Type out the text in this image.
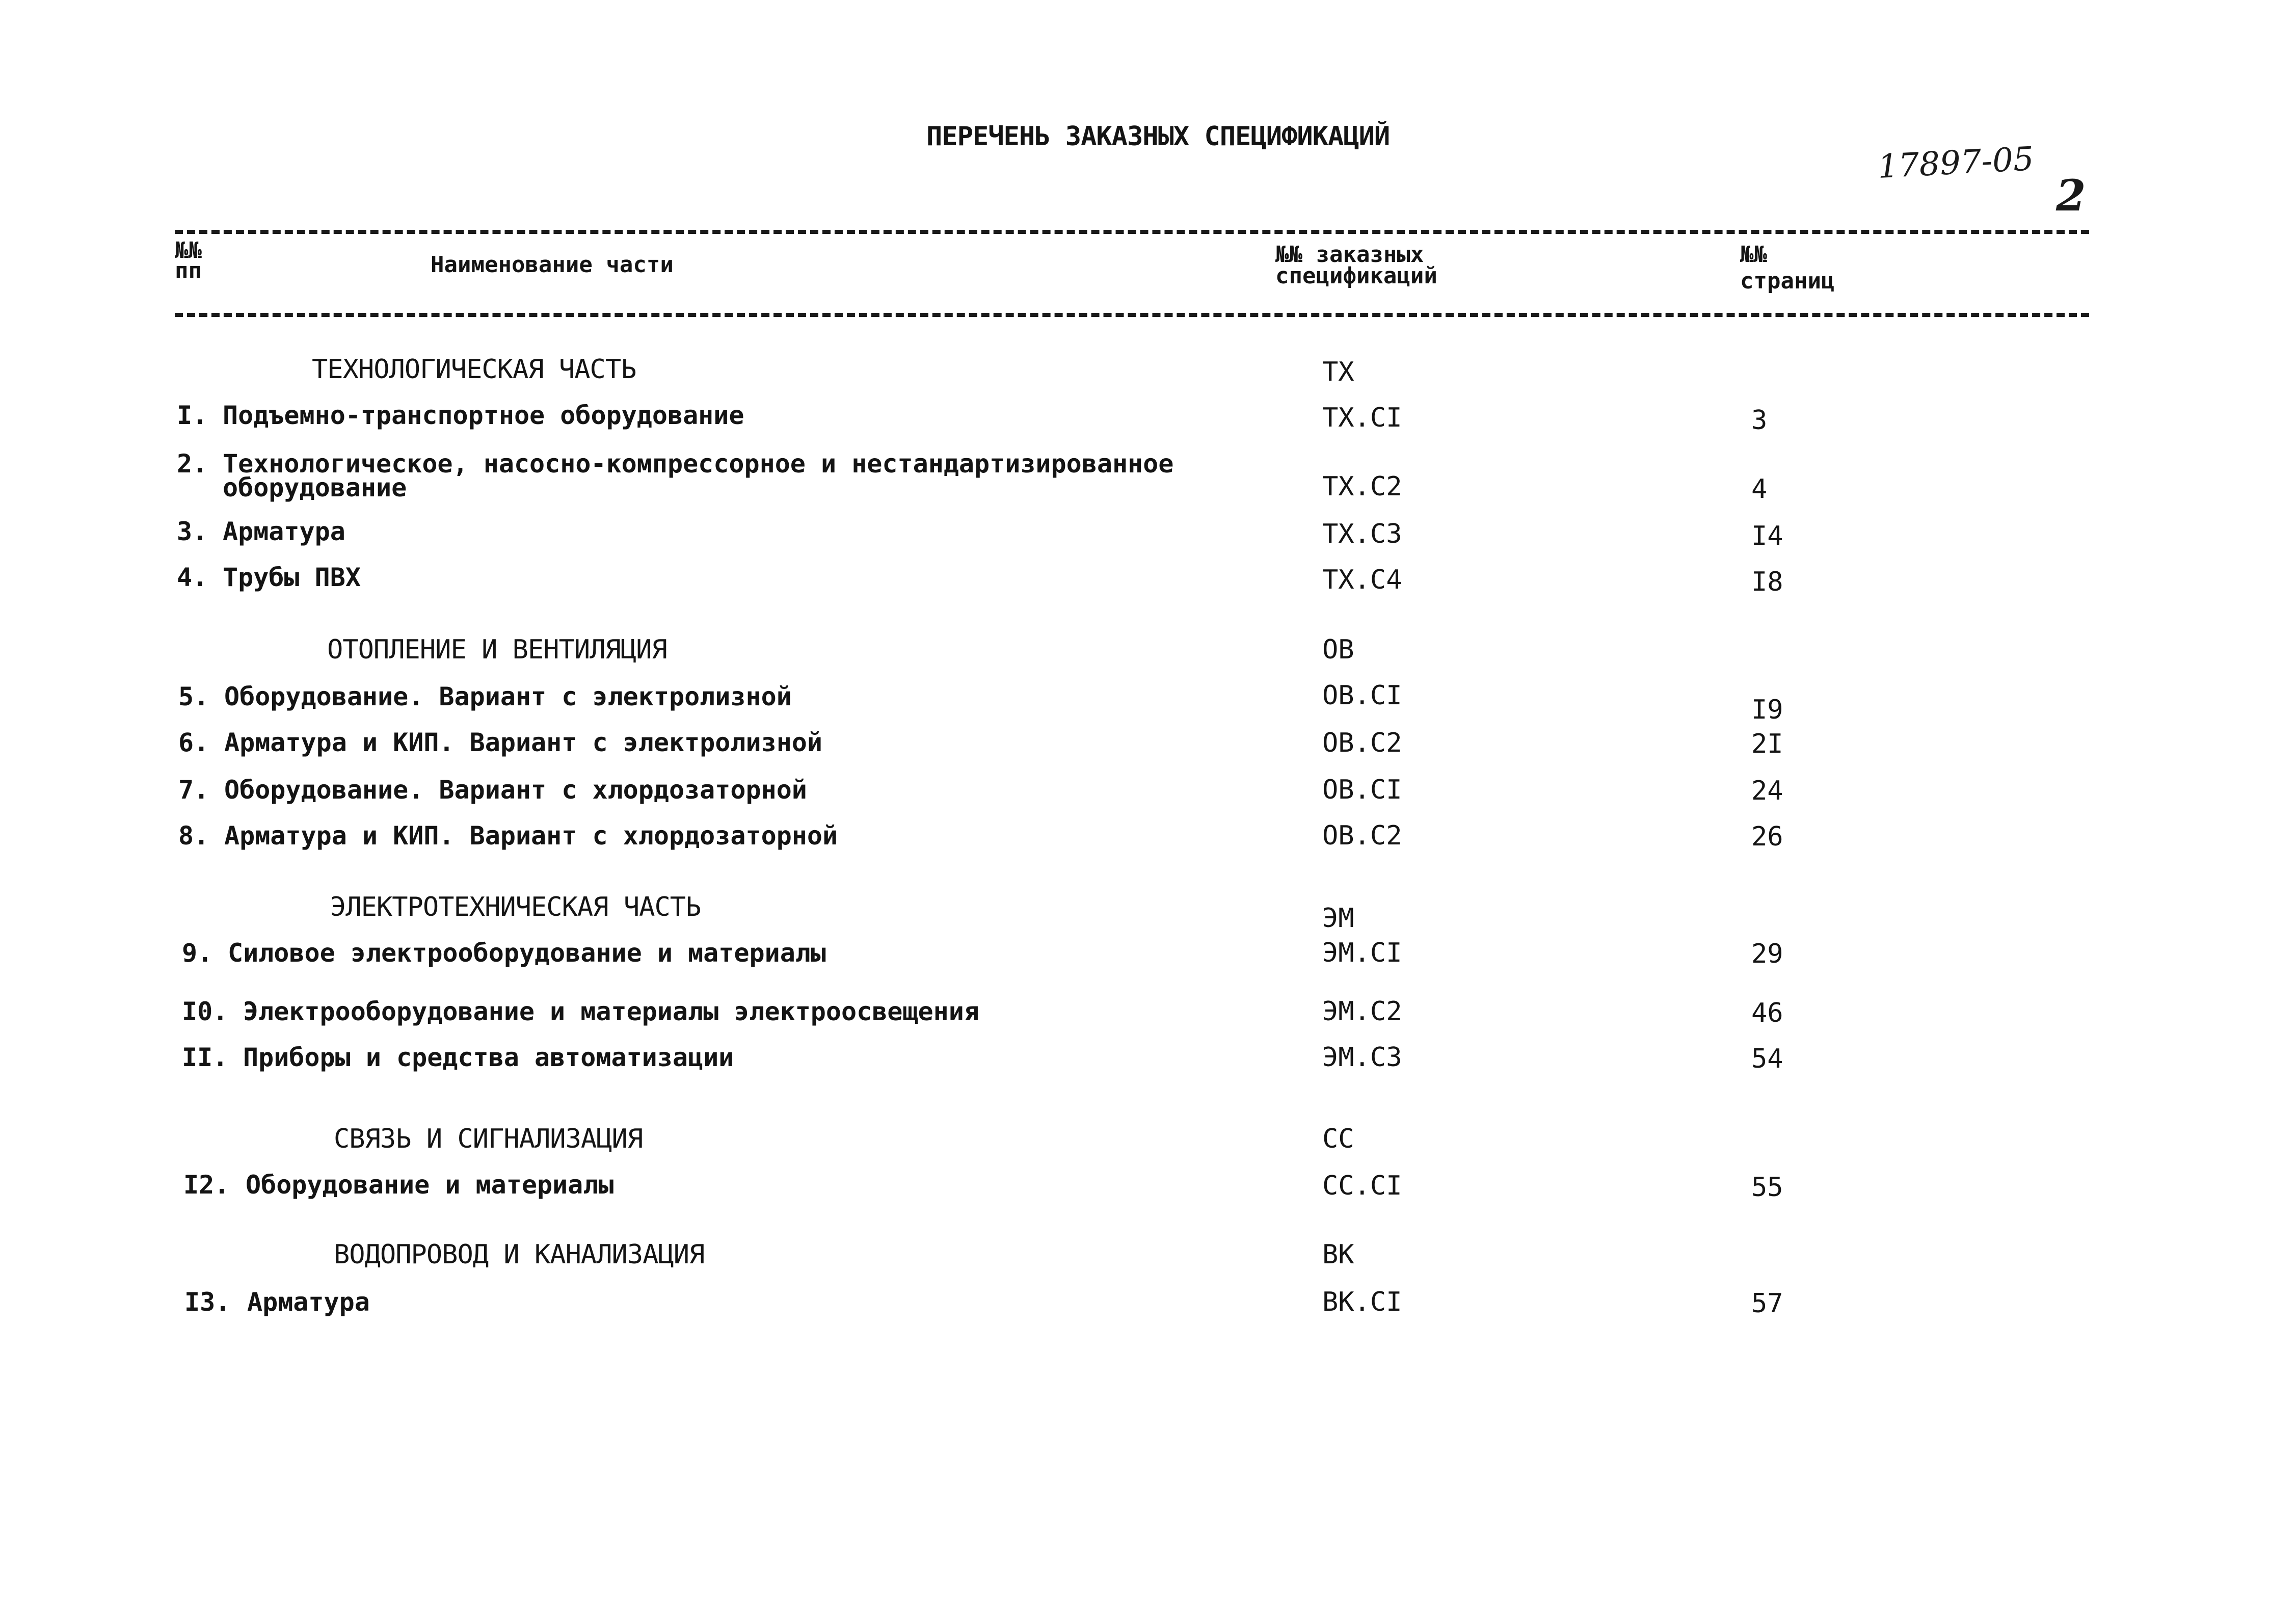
ПЕРЕЧЕНЬ ЗАКАЗНЫХ СПЕЦИФИКАЦИЙ
17897-05
2
№№
пп	Наименование части	№№ заказных
спецификаций
№№
страниц
ТЕХНОЛОГИЧЕСКАЯ ЧАСТЬ	ТХ
I. Подъемно-транспортное оборудование	ТХ.СI	3
2. Технологическое, насосно-компрессорное и нестандартизированное
оборудование	ТХ.С2	4
3. Арматура	ТХ.С3	I4
4. Трубы ПВХ	ТХ.С4	I8
ОТОПЛЕНИЕ И ВЕНТИЛЯЦИЯ	ОВ
5. Оборудование. Вариант с электролизной	ОВ.СI	I9
6. Арматура и КИП. Вариант с электролизной	ОВ.С2	2I
7. Оборудование. Вариант с хлордозаторной	ОВ.СI	24
8. Арматура и КИП. Вариант с хлордозаторной	ОВ.С2	26
ЭЛЕКТРОТЕХНИЧЕСКАЯ ЧАСТЬ	ЭМ
9. Силовое электрооборудование и материалы	ЭМ.СI	29
I0. Электрооборудование и материалы электроосвещения	ЭМ.С2	46
II. Приборы и средства автоматизации	ЭМ.С3	54
СВЯЗЬ И СИГНАЛИЗАЦИЯ	СС
I2. Оборудование и материалы	СС.СI	55
ВОДОПРОВОД И КАНАЛИЗАЦИЯ	ВК
I3. Арматура	ВК.СI	57
